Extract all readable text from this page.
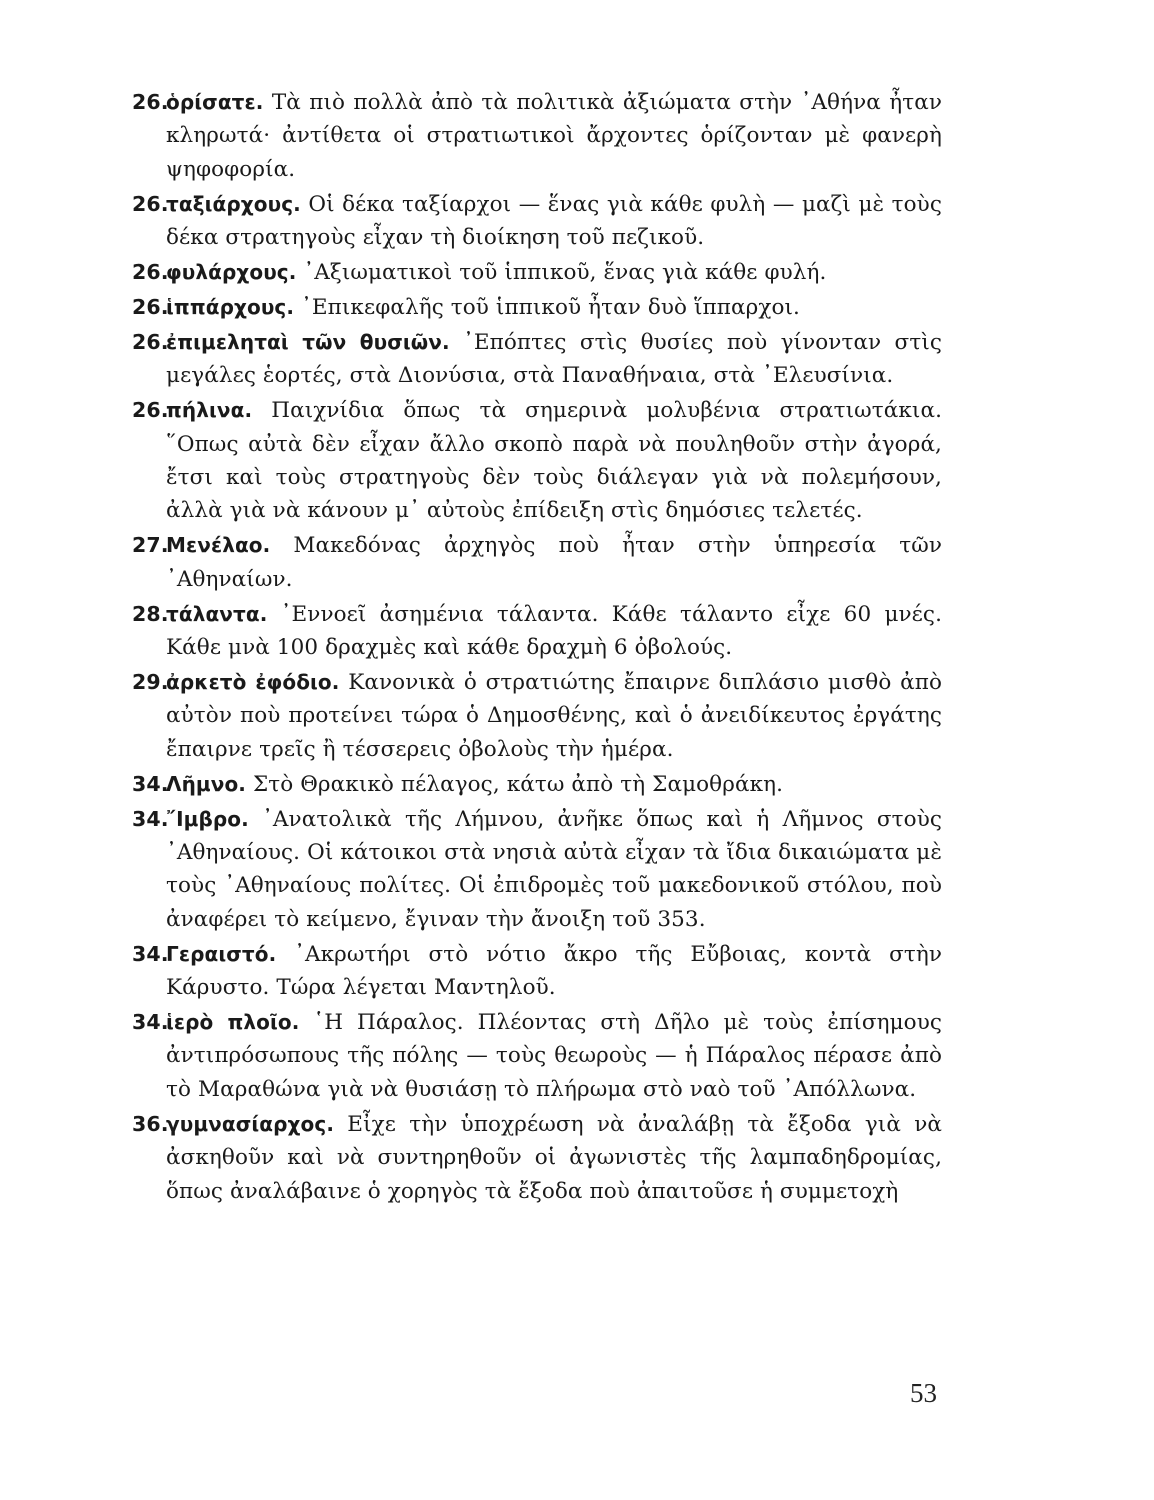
26.
ὁρίσατε. Τὰ πιὸ πολλὰ ἀπὸ τὰ πολιτικὰ ἀξιώματα στὴν ᾿Αθήνα ἦταν κληρωτά· ἀντίθετα οἱ στρατιωτικοὶ ἄρχοντες ὁρίζονταν μὲ φανερὴ ψηφοφορία.

26.
ταξιάρχους. Οἱ δέκα ταξίαρχοι — ἕνας γιὰ κάθε φυλὴ — μαζὶ μὲ τοὺς δέκα στρατηγοὺς εἶχαν τὴ διοίκηση τοῦ πεζικοῦ.

26.
φυλάρχους. ᾿Αξιωματικοὶ τοῦ ἱππικοῦ, ἕνας γιὰ κάθε φυλή.

26.
ἱππάρχους. ᾿Επικεφαλῆς τοῦ ἱππικοῦ ἦταν δυὸ ἵππαρχοι.

26.
ἐπιμεληταὶ τῶν θυσιῶν. ᾿Επόπτες στὶς θυσίες ποὺ γίνονταν στὶς μεγάλες ἑορτές, στὰ Διονύσια, στὰ Παναθήναια, στὰ ᾿Ελευσίνια.

26.
πήλινα. Παιχνίδια ὅπως τὰ σημερινὰ μολυβένια στρατιωτάκια. ῞Οπως αὐτὰ δὲν εἶχαν ἄλλο σκοπὸ παρὰ νὰ πουληθοῦν στὴν ἀγορά, ἔτσι καὶ τοὺς στρατηγοὺς δὲν τοὺς διάλεγαν γιὰ νὰ πολεμήσουν, ἀλλὰ γιὰ νὰ κάνουν μ᾿ αὐτοὺς ἐπίδειξη στὶς δημόσιες τελετές.

27.
Μενέλαο. Μακεδόνας ἀρχηγὸς ποὺ ἦταν στὴν ὑπηρεσία τῶν ᾿Αθηναίων.

28.
τάλαντα. ᾿Εννοεῖ ἀσημένια τάλαντα. Κάθε τάλαντο εἶχε 60 μνές. Κάθε μνὰ 100 δραχμὲς καὶ κάθε δραχμὴ 6 ὀβολούς.

29.
ἀρκετὸ ἐφόδιο. Κανονικὰ ὁ στρατιώτης ἔπαιρνε διπλάσιο μισθὸ ἀπὸ αὐτὸν ποὺ προτείνει τώρα ὁ Δημοσθένης, καὶ ὁ ἀνειδίκευτος ἐργάτης ἔπαιρνε τρεῖς ἢ τέσσερεις ὀβολοὺς τὴν ἡμέρα.

34.
Λῆμνο. Στὸ Θρακικὸ πέλαγος, κάτω ἀπὸ τὴ Σαμοθράκη.

34.
῎Ιμβρο. ᾿Ανατολικὰ τῆς Λήμνου, ἀνῆκε ὅπως καὶ ἡ Λῆμνος στοὺς ᾿Αθηναίους. Οἱ κάτοικοι στὰ νησιὰ αὐτὰ εἶχαν τὰ ἴδια δικαιώματα μὲ τοὺς ᾿Αθηναίους πολίτες. Οἱ ἐπιδρομὲς τοῦ μακεδονικοῦ στόλου, ποὺ ἀναφέρει τὸ κείμενο, ἔγιναν τὴν ἄνοιξη τοῦ 353.

34.
Γεραιστό. ᾿Ακρωτήρι στὸ νότιο ἄκρο τῆς Εὔβοιας, κοντὰ στὴν Κάρυστο. Τώρα λέγεται Μαντηλοῦ.

34.
ἱερὸ πλοῖο. ῾Η Πάραλος. Πλέοντας στὴ Δῆλο μὲ τοὺς ἐπίσημους ἀντιπρόσωπους τῆς πόλης — τοὺς θεωροὺς — ἡ Πάραλος πέρασε ἀπὸ τὸ Μαραθώνα γιὰ νὰ θυσιάσῃ τὸ πλήρωμα στὸ ναὸ τοῦ ᾿Απόλλωνα.

36.
γυμνασίαρχος. Εἶχε τὴν ὑποχρέωση νὰ ἀναλάβῃ τὰ ἔξοδα γιὰ νὰ ἀσκηθοῦν καὶ νὰ συντηρηθοῦν οἱ ἀγωνιστὲς τῆς λαμπαδηδρομίας, ὅπως ἀναλάβαινε ὁ χορηγὸς τὰ ἔξοδα ποὺ ἀπαιτοῦσε ἡ συμμετοχὴ

53
